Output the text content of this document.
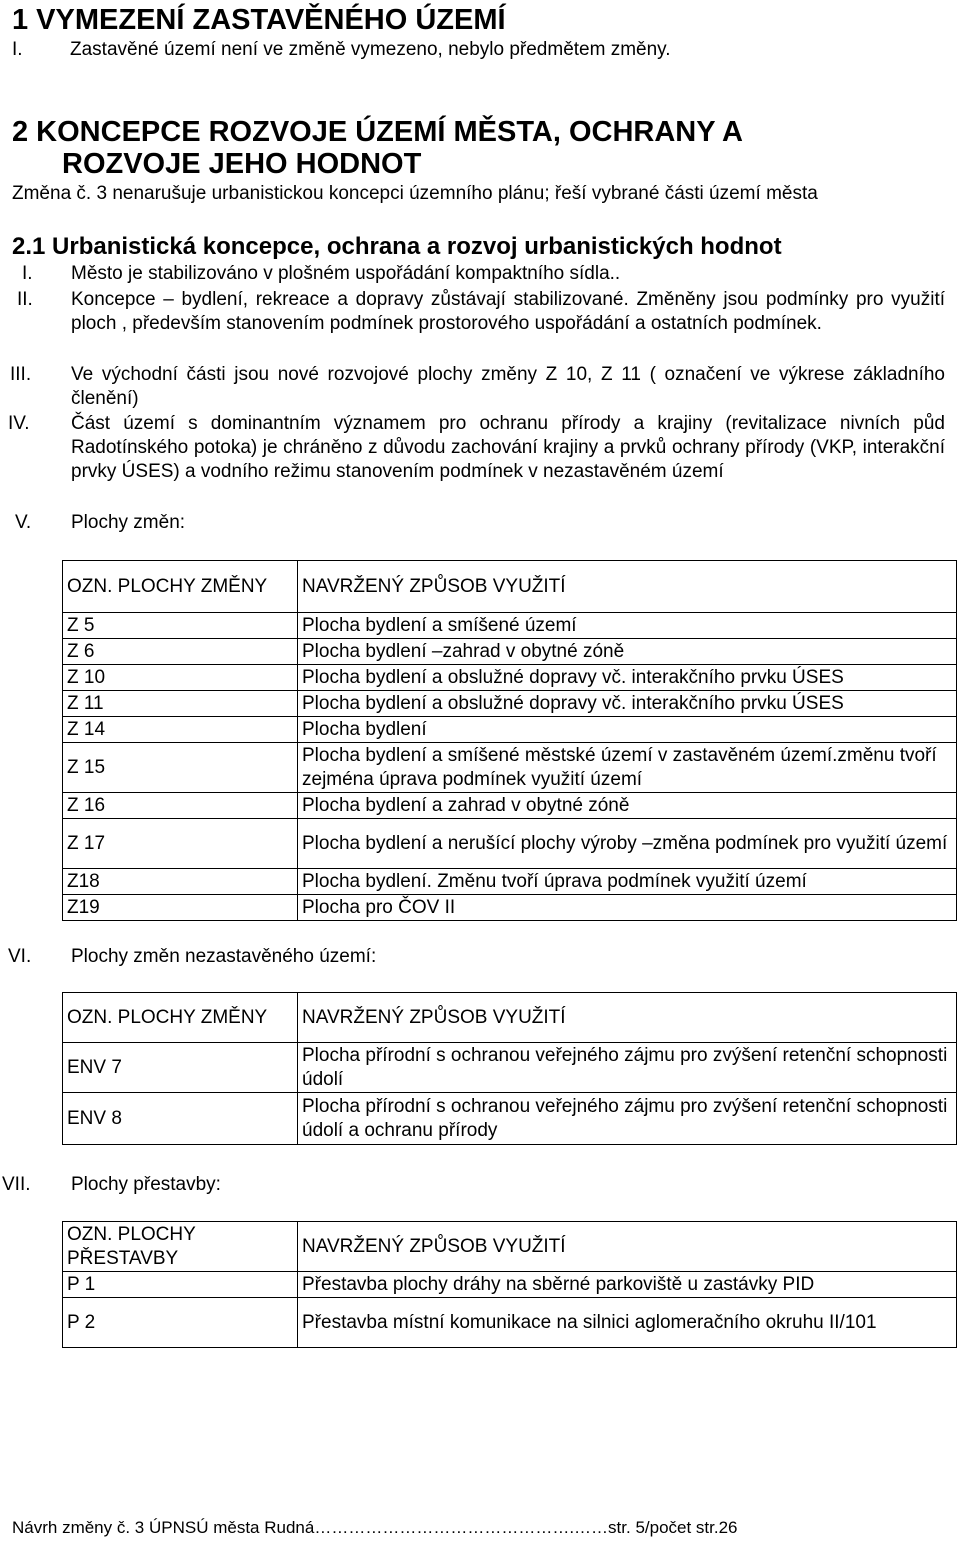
1 VYMEZENÍ ZASTAVĚNÉHO ÚZEMÍ
I. Zastavěné území není ve změně vymezeno, nebylo předmětem změny.
2 KONCEPCE ROZVOJE ÚZEMÍ MĚSTA, OCHRANY A
ROZVOJE JEHO HODNOT
Změna č. 3 nenarušuje urbanistickou koncepci územního plánu; řeší vybrané části území města
2.1 Urbanistická koncepce, ochrana a rozvoj urbanistických hodnot
I. Město je stabilizováno v plošném uspořádání kompaktního sídla..
II. Koncepce – bydlení, rekreace a dopravy zůstávají stabilizované. Změněny jsou podmínky pro využití ploch , především stanovením podmínek prostorového uspořádání a ostatních podmínek.
III. Ve východní části jsou nové rozvojové plochy změny Z 10, Z 11 ( označení ve výkrese základního členění)
IV. Část území s dominantním významem pro ochranu přírody a krajiny (revitalizace nivních půd Radotínského potoka) je chráněno z důvodu zachování krajiny a prvků ochrany přírody (VKP, interakční prvky ÚSES) a vodního režimu stanovením podmínek v nezastavěném území
V. Plochy změn:
OZN. PLOCHY ZMĚNY	NAVRŽENÝ ZPŮSOB VYUŽITÍ
Z 5	Plocha bydlení a smíšené území
Z 6	Plocha bydlení –zahrad v obytné zóně
Z 10	Plocha bydlení a obslužné dopravy vč. interakčního prvku ÚSES
Z 11	Plocha bydlení a obslužné dopravy vč. interakčního prvku ÚSES
Z 14	Plocha bydlení
Z 15	Plocha bydlení a smíšené městské území v zastavěném území.změnu tvoří zejména úprava podmínek využití území
Z 16	Plocha bydlení a zahrad v obytné zóně
Z 17	Plocha bydlení a nerušící plochy výroby –změna podmínek pro využití území
Z18	Plocha bydlení. Změnu tvoří úprava podmínek využití území
Z19	Plocha pro ČOV II
VI. Plochy změn nezastavěného území:
OZN. PLOCHY ZMĚNY	NAVRŽENÝ ZPŮSOB VYUŽITÍ
ENV 7	Plocha přírodní s ochranou veřejného zájmu pro zvýšení retenční schopnosti údolí
ENV 8	Plocha přírodní s ochranou veřejného zájmu pro zvýšení retenční schopnosti údolí a ochranu přírody
VII. Plochy přestavby:
OZN. PLOCHY PŘESTAVBY	NAVRŽENÝ ZPŮSOB VYUŽITÍ
P 1	Přestavba plochy dráhy na sběrné parkoviště u zastávky PID
P 2	Přestavba místní komunikace na silnici aglomeračního okruhu II/101
Návrh změny č. 3 ÚPNSÚ města Rudná……………………………………….……str. 5/počet str.26
